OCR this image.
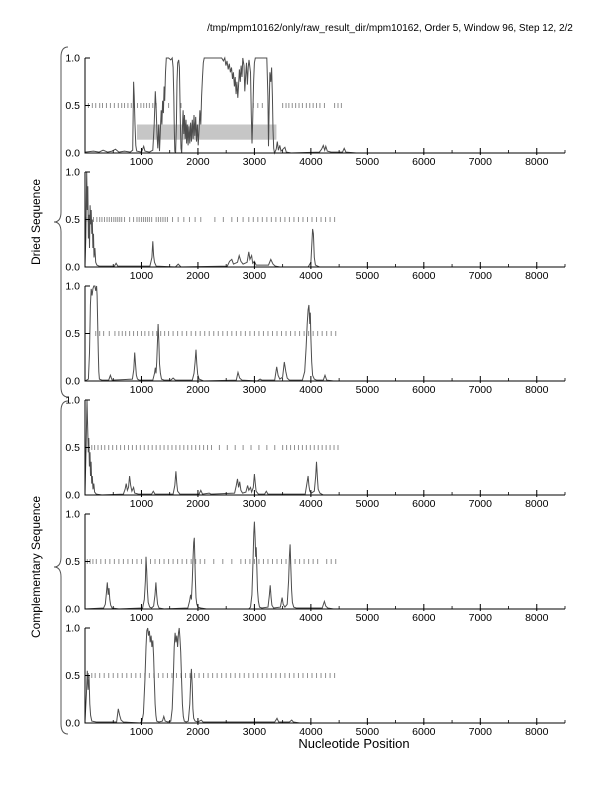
/tmp/mpm10162/only/raw_result_dir/mpm10162, Order 5, Window 96, Step 12, 2/2
Dried Sequence
Complementary Sequence
1.0
0.5
0.0
1000	2000	3000	4000	5000	6000	7000	8000
1.0
0.5
0.0
1000	2000	3000	4000	5000	6000	7000	8000
1.0
0.5
0.0
1000	2000	3000	4000	5000	6000	7000	8000
1.0
0.5
0.0
1000	2000	3000	4000	5000	6000	7000	8000
1.0
0.5
0.0
1000	2000	3000	4000	5000	6000	7000	8000
1.0
0.5
0.0
1000	2000	3000	4000	5000	6000	7000	8000
Nucleotide Position
